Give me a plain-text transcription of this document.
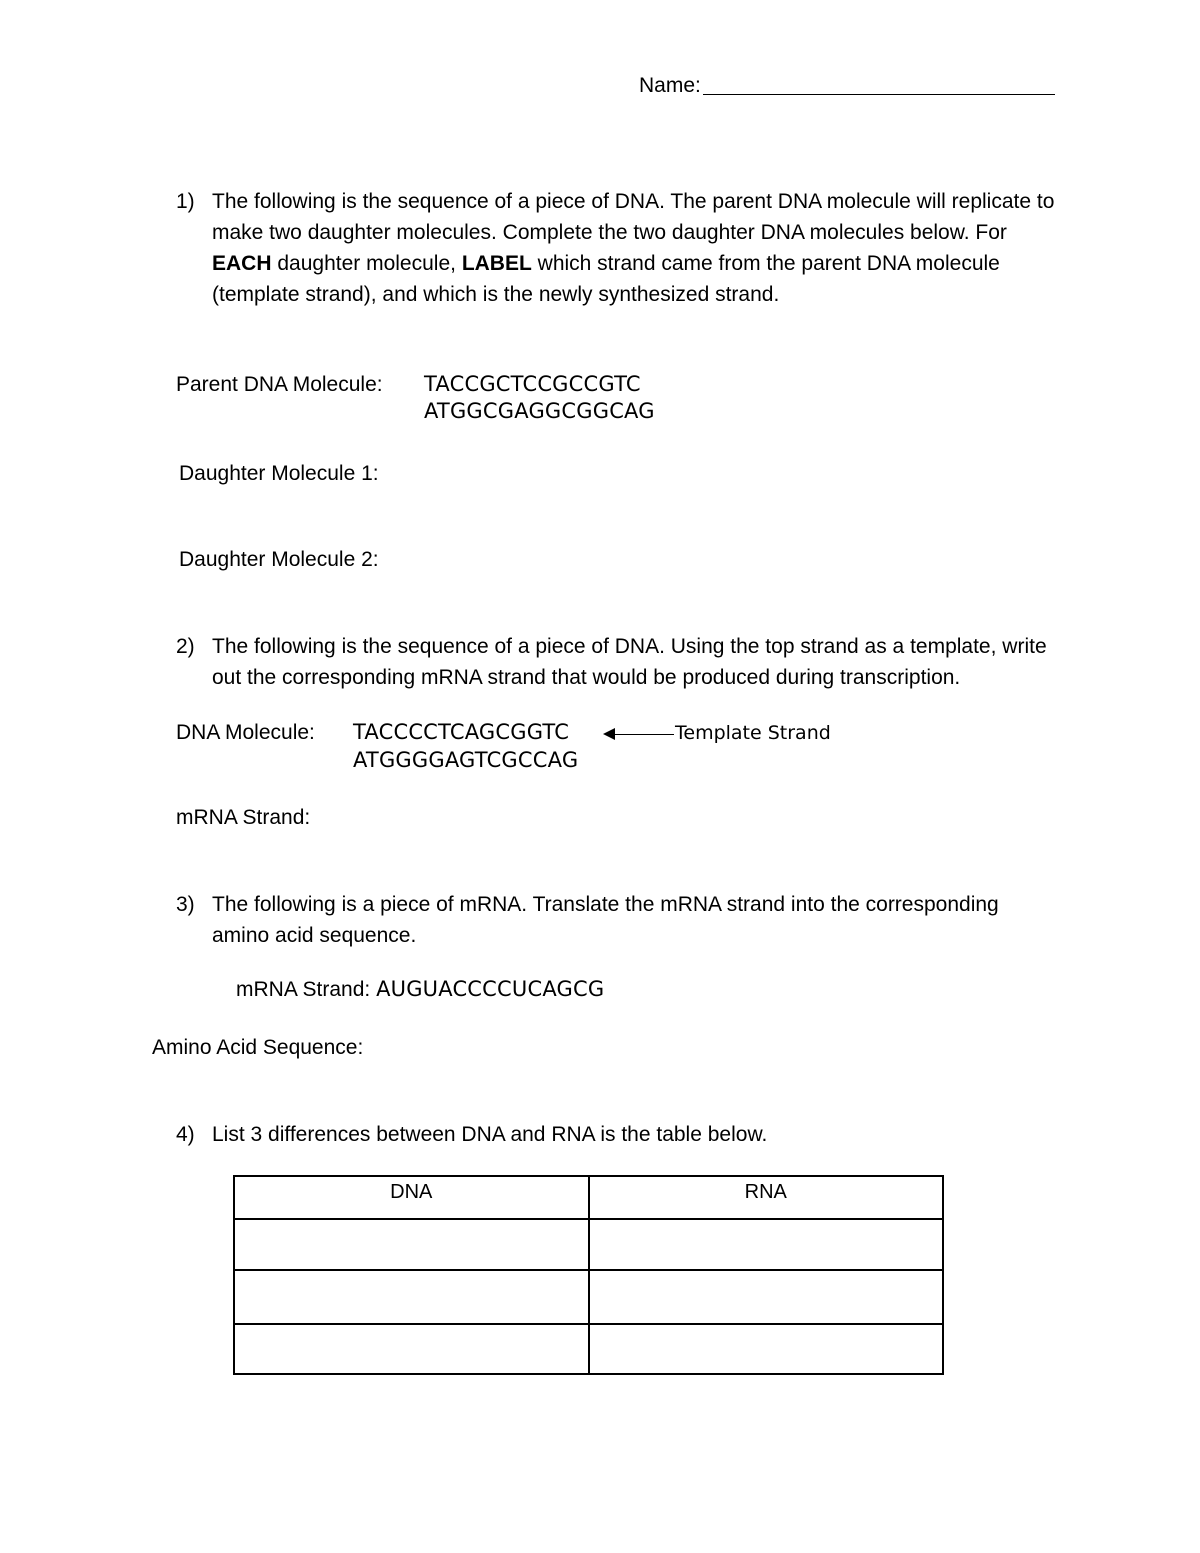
Name:
1) The following is the sequence of a piece of DNA. The parent DNA molecule will replicate to make two daughter molecules. Complete the two daughter DNA molecules below. For EACH daughter molecule, LABEL which strand came from the parent DNA molecule (template strand), and which is the newly synthesized strand.
Parent DNA Molecule: TACCGCTCCGCCGTC
ATGGCGAGGCGGCAG
Daughter Molecule 1:
Daughter Molecule 2:
2) The following is the sequence of a piece of DNA. Using the top strand as a template, write out the corresponding mRNA strand that would be produced during transcription.
DNA Molecule: TACCCCTCAGCGGTC
ATGGGGAGTCGCCAG
Template Strand
mRNA Strand:
3) The following is a piece of mRNA. Translate the mRNA strand into the corresponding amino acid sequence.
mRNA Strand: AUGUACCCCUCAGCG
Amino Acid Sequence:
4) List 3 differences between DNA and RNA is the table below.
DNA	RNA
